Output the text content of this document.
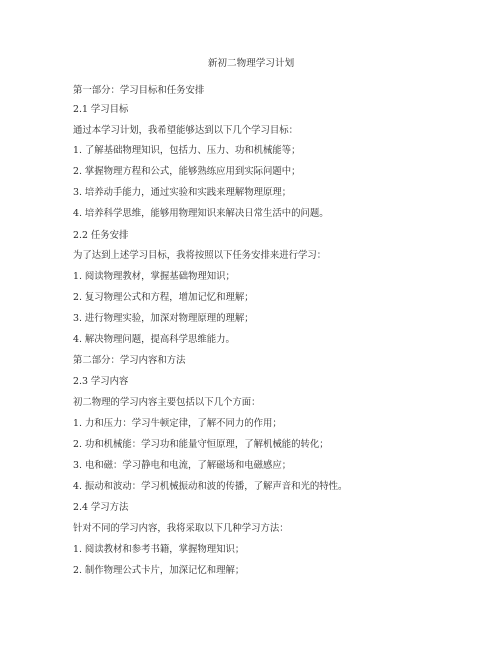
新初二物理学习计划
第一部分：学习目标和任务安排
2.1 学习目标
通过本学习计划，我希望能够达到以下几个学习目标：
1. 了解基础物理知识，包括力、压力、功和机械能等；
2. 掌握物理方程和公式，能够熟练应用到实际问题中；
3. 培养动手能力，通过实验和实践来理解物理原理；
4. 培养科学思维，能够用物理知识来解决日常生活中的问题。
2.2 任务安排
为了达到上述学习目标，我将按照以下任务安排来进行学习：
1. 阅读物理教材，掌握基础物理知识；
2. 复习物理公式和方程，增加记忆和理解；
3. 进行物理实验，加深对物理原理的理解；
4. 解决物理问题，提高科学思维能力。
第二部分：学习内容和方法
2.3 学习内容
初二物理的学习内容主要包括以下几个方面：
1. 力和压力：学习牛顿定律，了解不同力的作用；
2. 功和机械能：学习功和能量守恒原理，了解机械能的转化；
3. 电和磁：学习静电和电流，了解磁场和电磁感应；
4. 振动和波动：学习机械振动和波的传播，了解声音和光的特性。
2.4 学习方法
针对不同的学习内容，我将采取以下几种学习方法：
1. 阅读教材和参考书籍，掌握物理知识；
2. 制作物理公式卡片，加深记忆和理解；
